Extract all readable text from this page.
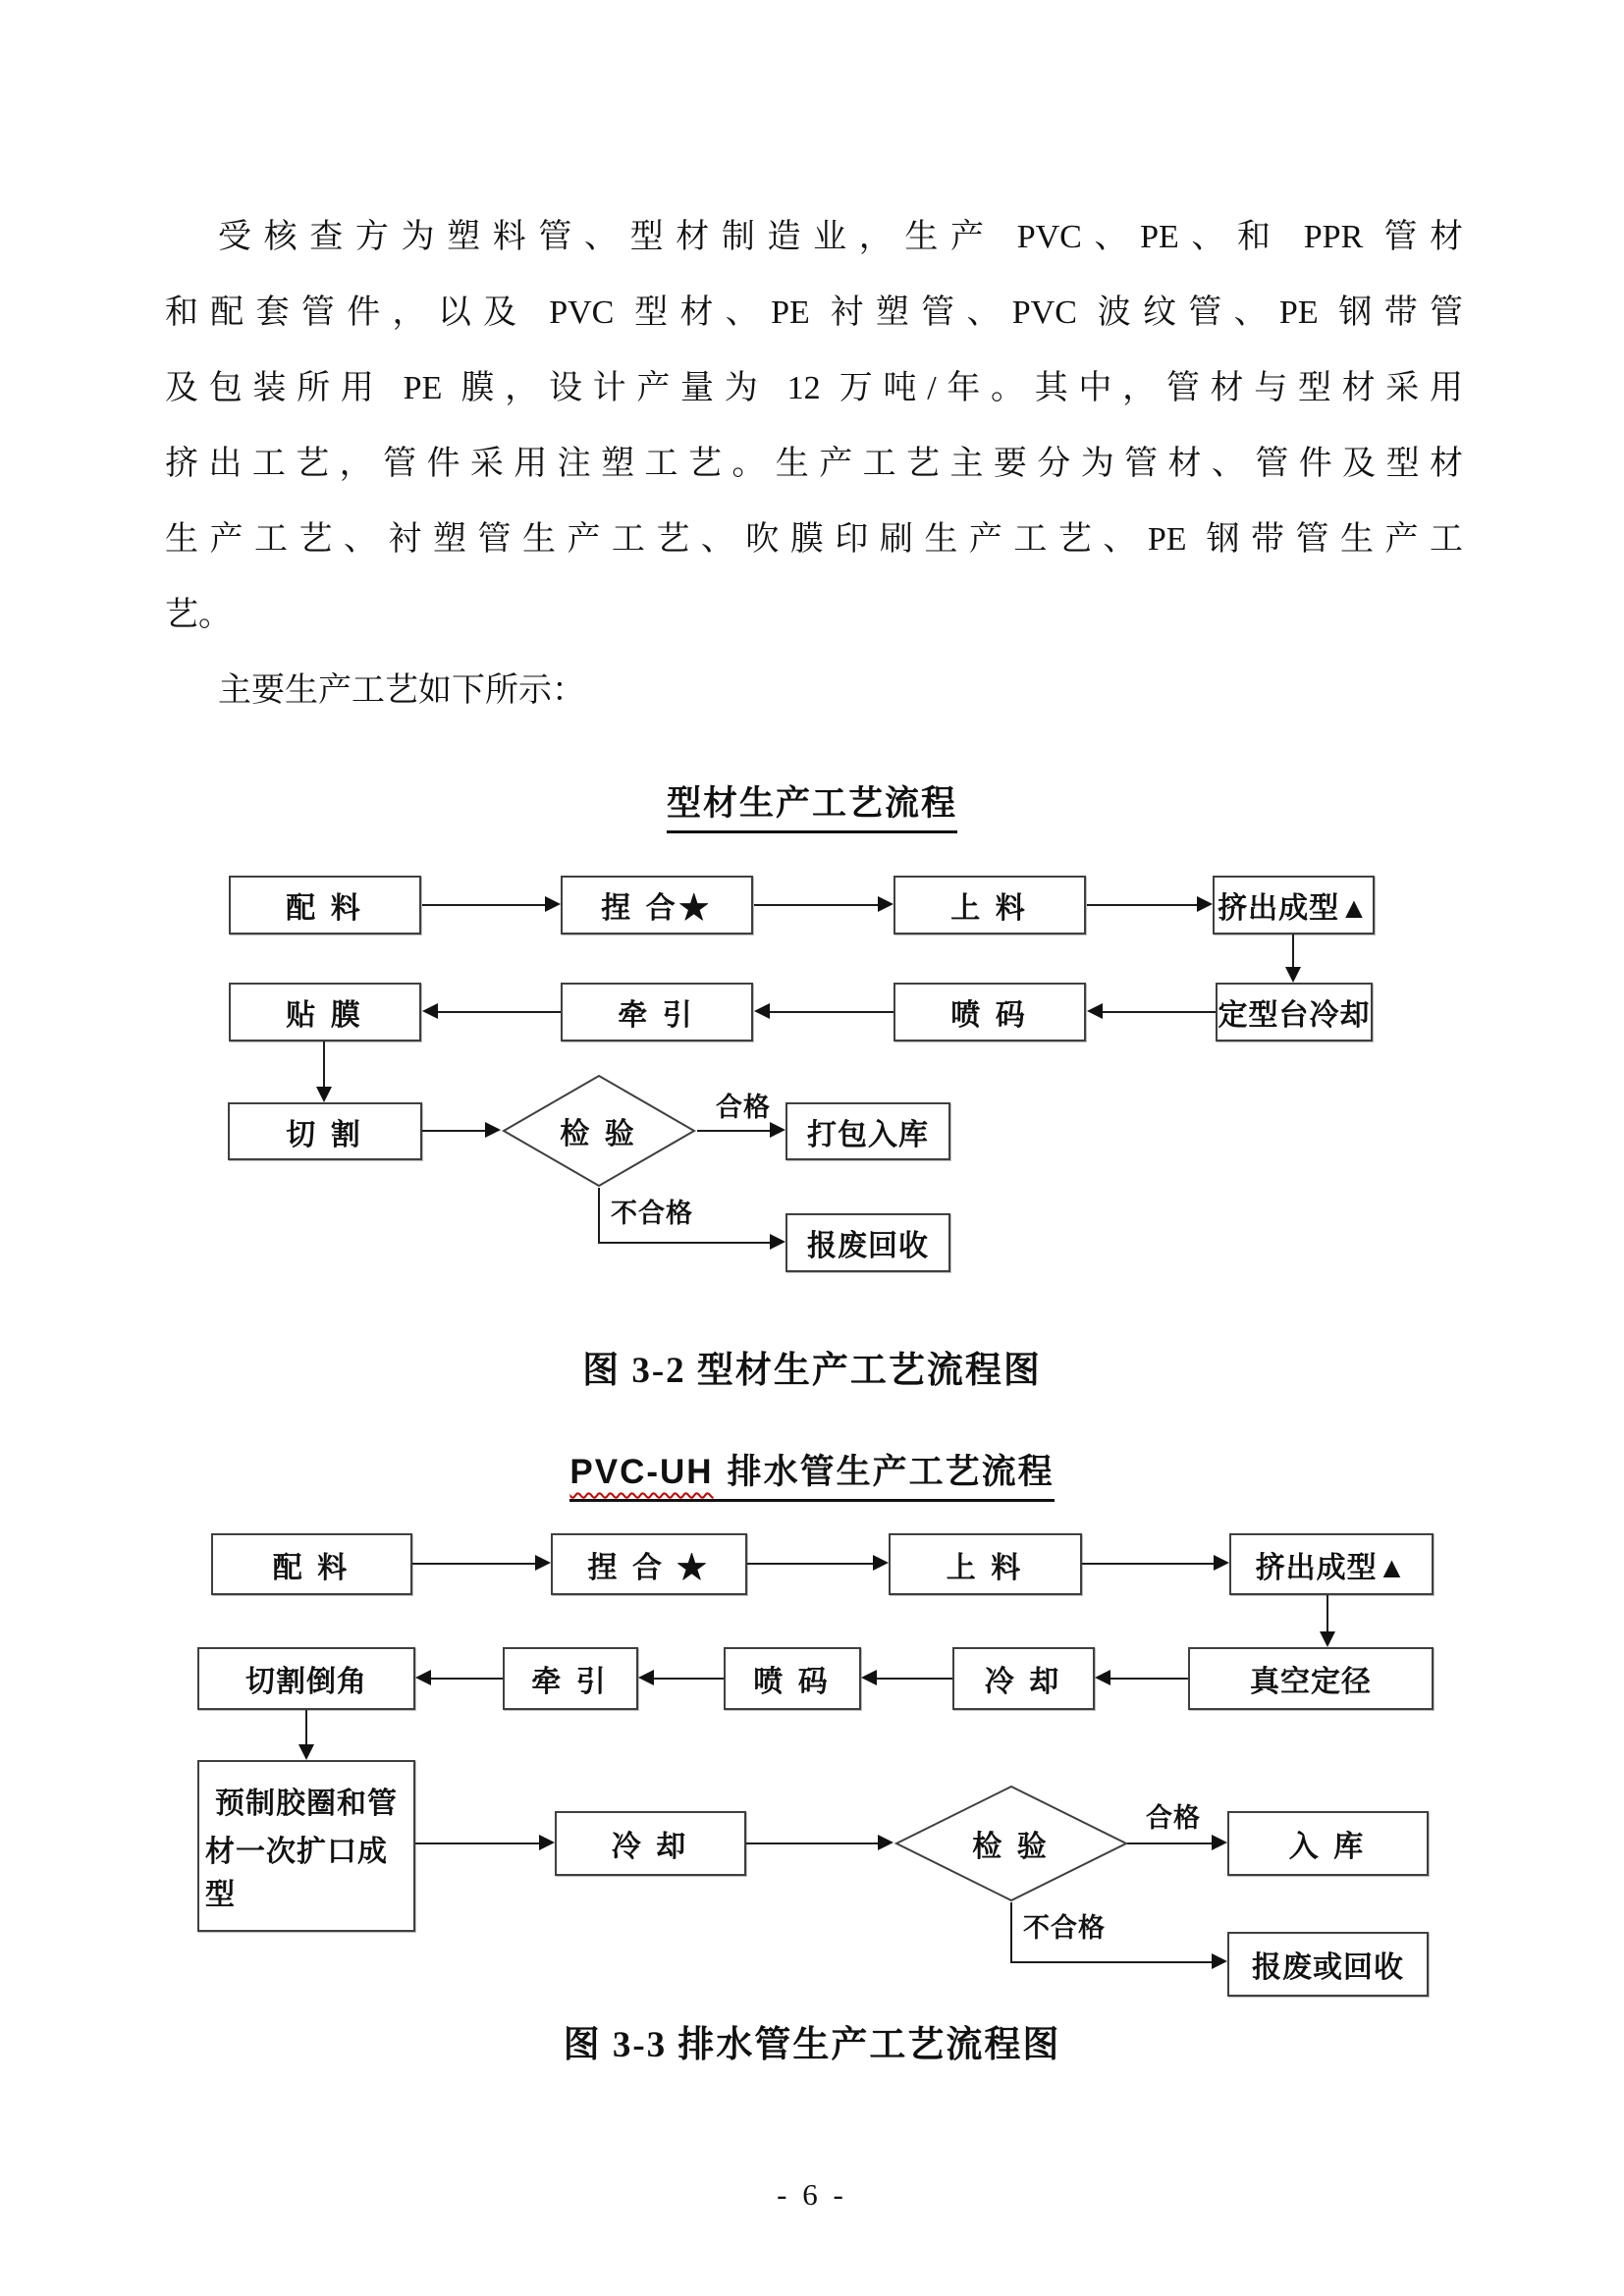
受核查方为塑料管、型材制造业，生产 PVC、PE、和 PPR 管材
和配套管件，以及 PVC 型材、PE 衬塑管、PVC 波纹管、PE 钢带管
及包装所用 PE 膜，设计产量为 12 万吨/年。其中，管材与型材采用
挤出工艺，管件采用注塑工艺。生产工艺主要分为管材、管件及型材
生产工艺、衬塑管生产工艺、吹膜印刷生产工艺、PE 钢带管生产工
艺。
主要生产工艺如下所示：
型材生产工艺流程
配 料	捏 合★	上 料	挤出成型▲
贴 膜	牵 引	喷 码	定型台冷却
切 割	检 验
合格
打包入库
不合格
报废回收
图 3-2 型材生产工艺流程图
PVC-UH 排水管生产工艺流程
配 料	捏 合 ★	上 料	挤出成型▲
切割倒角	牵 引	喷 码	冷 却	真空定径
预制胶圈和管
材一次扩口成型
冷 却	检 验
合格
入 库
不合格
报废或回收
图 3-3 排水管生产工艺流程图
- 6 -
